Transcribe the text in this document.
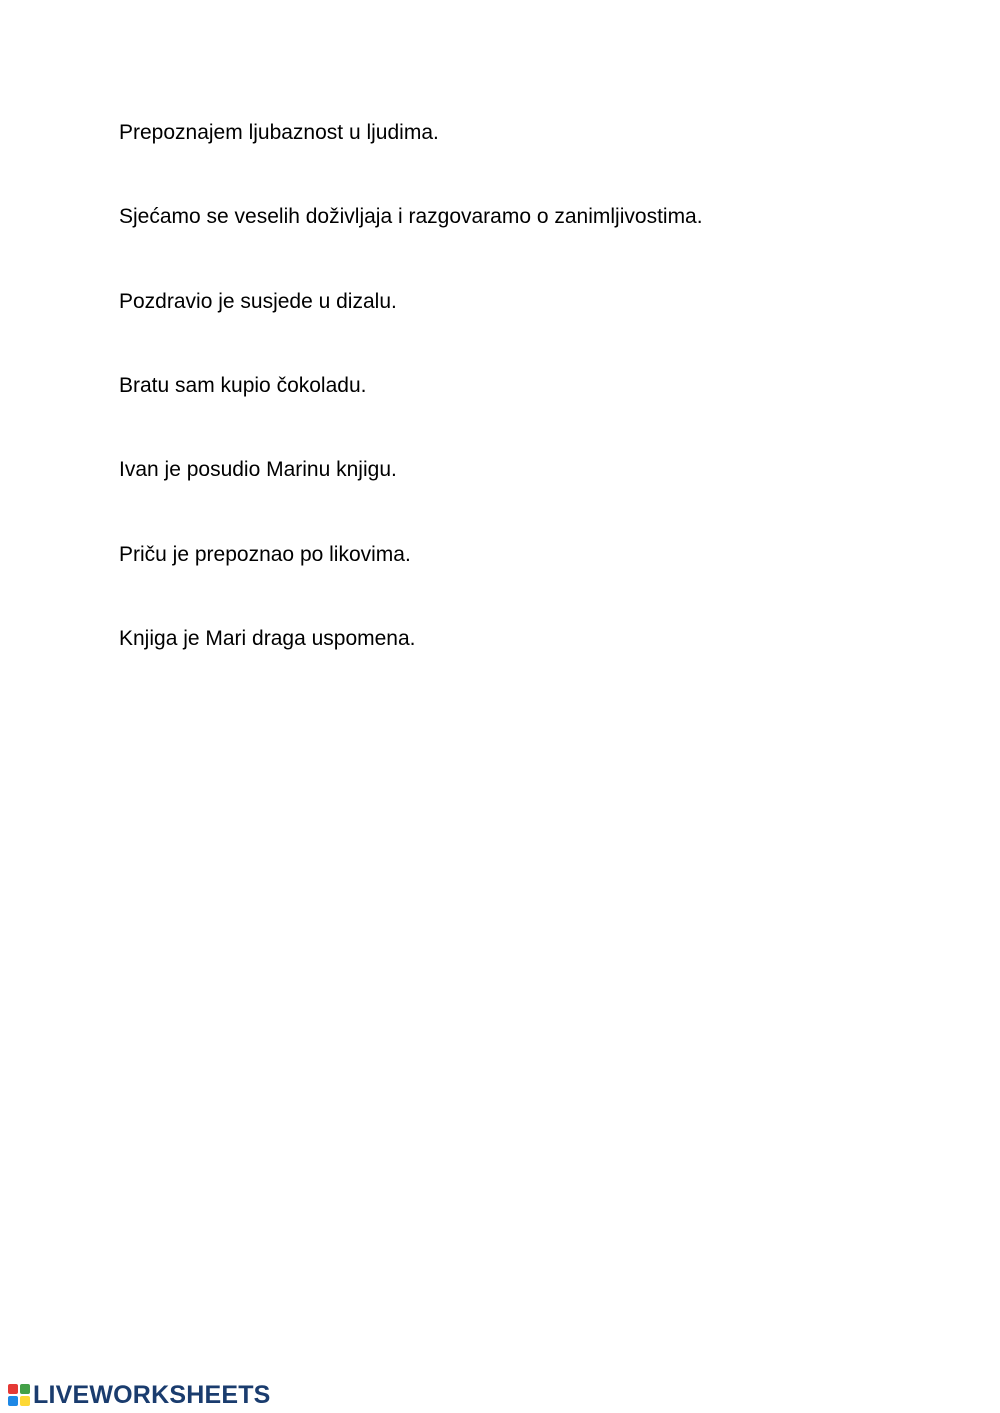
Prepoznajem ljubaznost u ljudima.

Sjećamo se veselih doživljaja i razgovaramo o zanimljivostima.

Pozdravio je susjede u dizalu.

Bratu sam kupio čokoladu.

Ivan je posudio Marinu knjigu.

Priču je prepoznao po likovima.

Knjiga je Mari draga uspomena.

LIVEWORKSHEETS
